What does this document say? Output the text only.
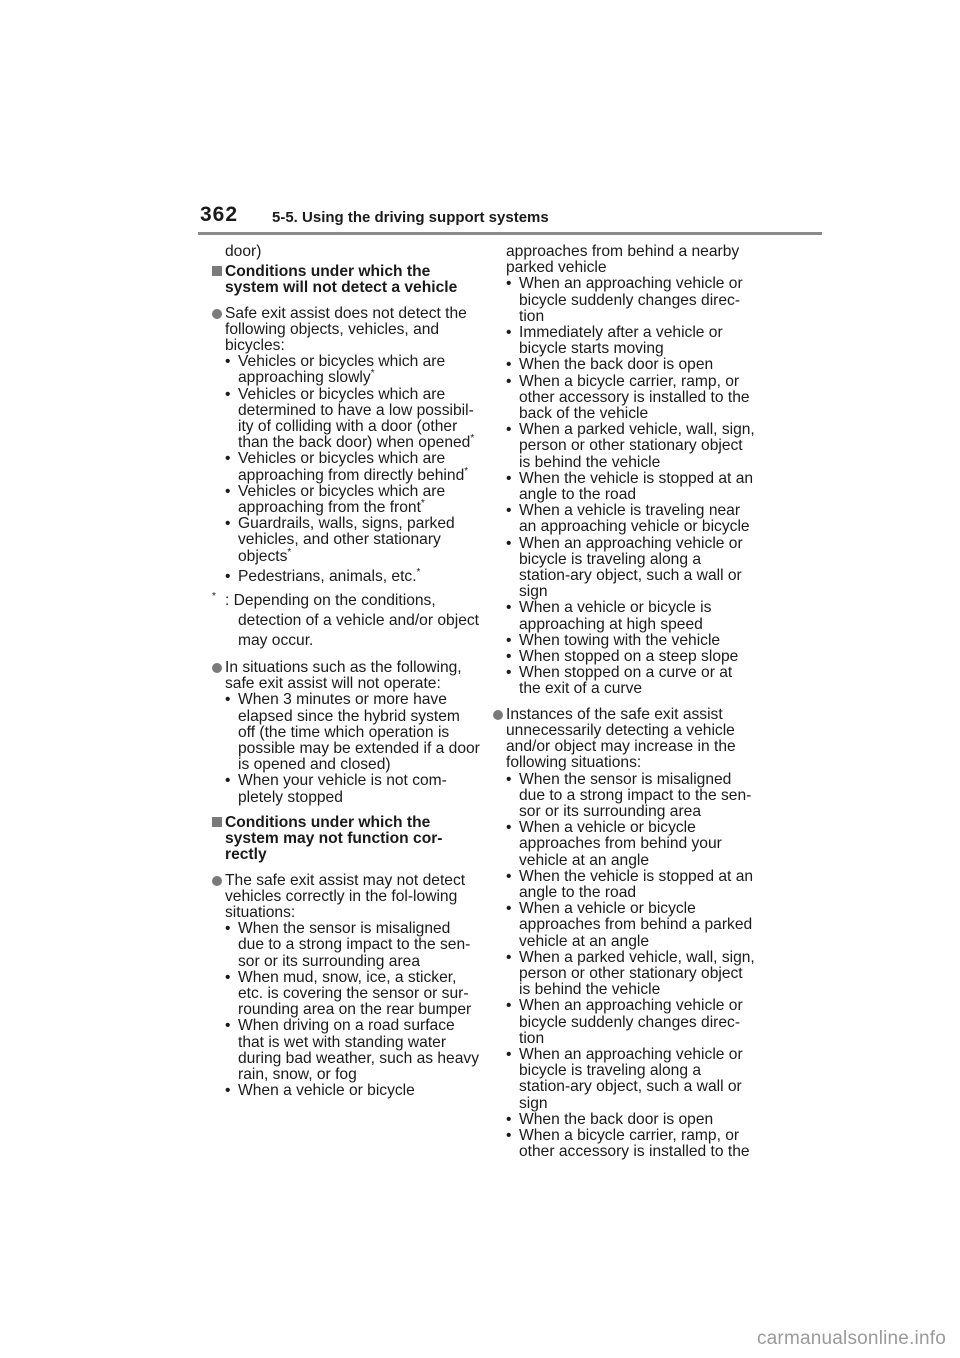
362 5-5. Using the driving support systems
door)
Conditions under which the system will not detect a vehicle
Safe exit assist does not detect the following objects, vehicles, and bicycles:
• Vehicles or bicycles which are approaching slowly*
• Vehicles or bicycles which are determined to have a low possibil-ity of colliding with a door (other than the back door) when opened*
• Vehicles or bicycles which are approaching from directly behind*
• Vehicles or bicycles which are approaching from the front*
• Guardrails, walls, signs, parked vehicles, and other stationary objects*
• Pedestrians, animals, etc.*
* : Depending on the conditions,
detection of a vehicle and/or object may occur.
In situations such as the following, safe exit assist will not operate:
• When 3 minutes or more have elapsed since the hybrid system off (the time which operation is possible may be extended if a door is opened and closed)
• When your vehicle is not com-pletely stopped
Conditions under which the system may not function cor-rectly
The safe exit assist may not detect vehicles correctly in the fol-lowing situations:
• When the sensor is misaligned due to a strong impact to the sen-sor or its surrounding area
• When mud, snow, ice, a sticker, etc. is covering the sensor or sur-rounding area on the rear bumper
• When driving on a road surface that is wet with standing water during bad weather, such as heavy rain, snow, or fog
• When a vehicle or bicycle
approaches from behind a nearby parked vehicle
• When an approaching vehicle or bicycle suddenly changes direc-tion
• Immediately after a vehicle or bicycle starts moving
• When the back door is open
• When a bicycle carrier, ramp, or other accessory is installed to the back of the vehicle
• When a parked vehicle, wall, sign, person or other stationary object is behind the vehicle
• When the vehicle is stopped at an angle to the road
• When a vehicle is traveling near an approaching vehicle or bicycle
• When an approaching vehicle or bicycle is traveling along a station-ary object, such a wall or sign
• When a vehicle or bicycle is approaching at high speed
• When towing with the vehicle
• When stopped on a steep slope
• When stopped on a curve or at the exit of a curve
Instances of the safe exit assist unnecessarily detecting a vehicle and/or object may increase in the following situations:
• When the sensor is misaligned due to a strong impact to the sen-sor or its surrounding area
• When a vehicle or bicycle approaches from behind your vehicle at an angle
• When the vehicle is stopped at an angle to the road
• When a vehicle or bicycle approaches from behind a parked vehicle at an angle
• When a parked vehicle, wall, sign, person or other stationary object is behind the vehicle
• When an approaching vehicle or bicycle suddenly changes direc-tion
• When an approaching vehicle or bicycle is traveling along a station-ary object, such a wall or sign
• When the back door is open
• When a bicycle carrier, ramp, or other accessory is installed to the
carmanualsonline.info
